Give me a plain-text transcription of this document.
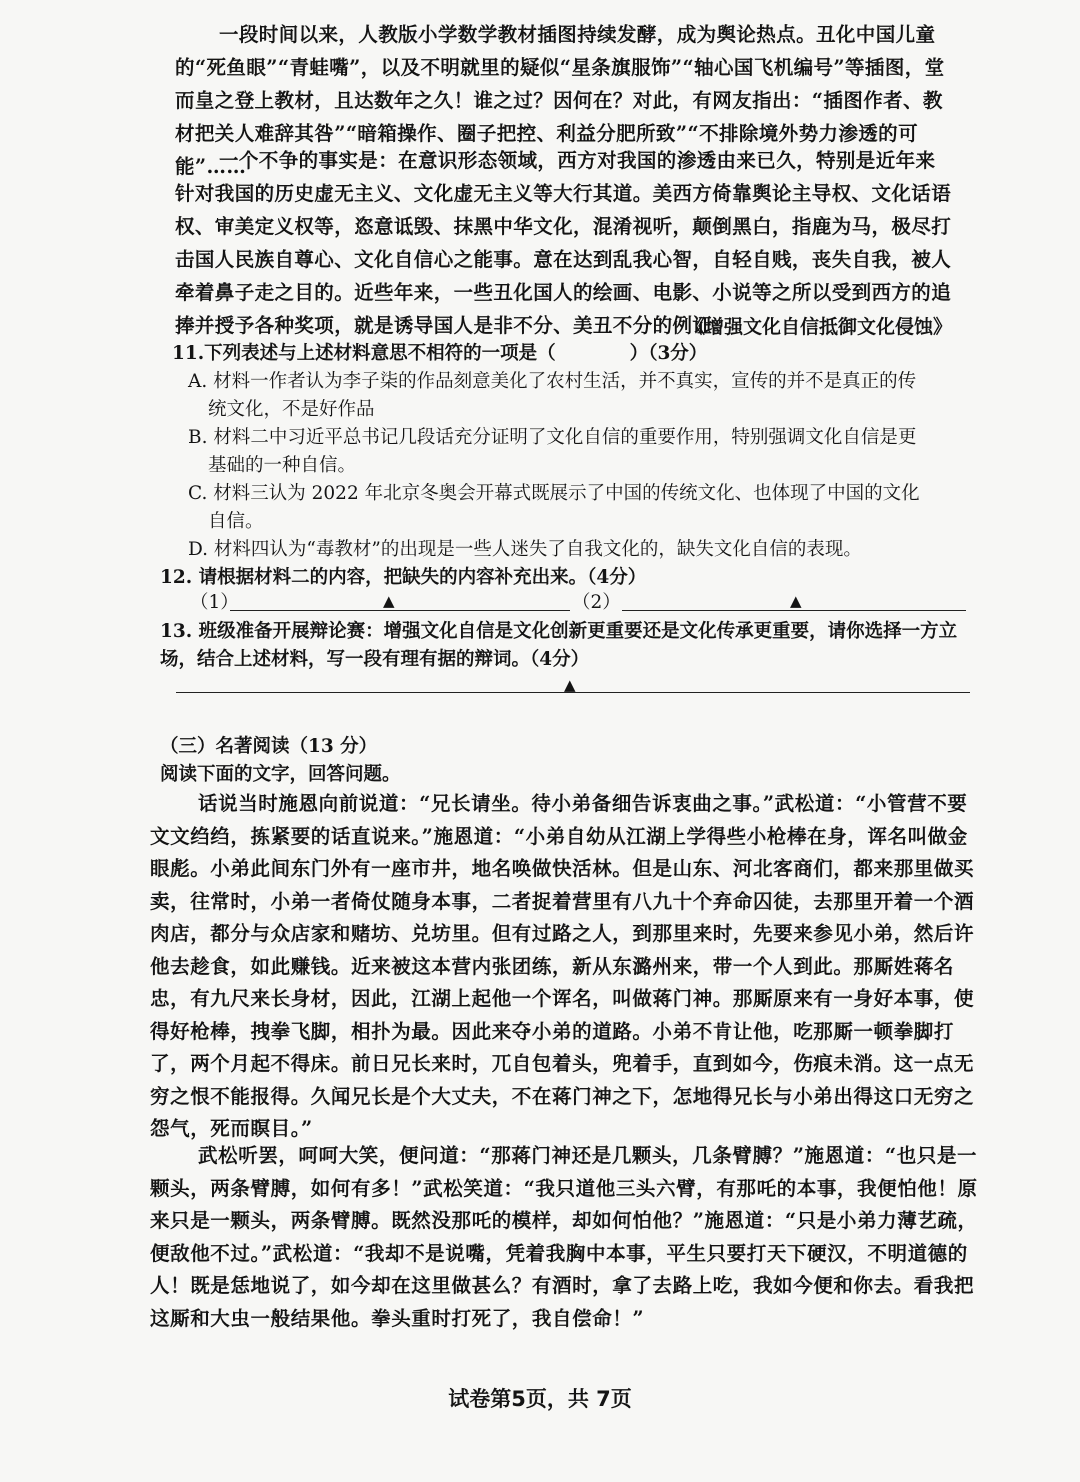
一段时间以来，人教版小学数学教材插图持续发酵，成为舆论热点。丑化中国儿童的“死鱼眼”“青蛙嘴”，以及不明就里的疑似“星条旗服饰”“轴心国飞机编号”等插图，堂而皇之登上教材，且达数年之久！谁之过？因何在？对此，有网友指出：“插图作者、教材把关人难辞其咎”“暗箱操作、圈子把控、利益分肥所致”“不排除境外势力渗透的可能”……

一个不争的事实是：在意识形态领域，西方对我国的渗透由来已久，特别是近年来针对我国的历史虚无主义、文化虚无主义等大行其道。美西方倚靠舆论主导权、文化话语权、审美定义权等，恣意诋毁、抹黑中华文化，混淆视听，颠倒黑白，指鹿为马，极尽打击国人民族自尊心、文化自信心之能事。意在达到乱我心智，自轻自贱，丧失自我，被人牵着鼻子走之目的。近些年来，一些丑化国人的绘画、电影、小说等之所以受到西方的追捧并授予各种奖项，就是诱导国人是非不分、美丑不分的例证。

《增强文化自信抵御文化侵蚀》
11.下列表述与上述材料意思不相符的一项是（　　　　）（3分）
A. 材料一作者认为李子柒的作品刻意美化了农村生活，并不真实，宣传的并不是真正的传
统文化，不是好作品
B. 材料二中习近平总书记几段话充分证明了文化自信的重要作用，特别强调文化自信是更
基础的一种自信。
C. 材料三认为 2022 年北京冬奥会开幕式既展示了中国的传统文化、也体现了中国的文化
自信。
D. 材料四认为“毒教材”的出现是一些人迷失了自我文化的，缺失文化自信的表现。
12. 请根据材料二的内容，把缺失的内容补充出来。（4分）
（1）	▲	（2）	▲
13. 班级准备开展辩论赛：增强文化自信是文化创新更重要还是文化传承更重要，请你选择一方立场，结合上述材料，写一段有理有据的辩词。（4分）
▲
（三）名著阅读（13 分）
阅读下面的文字，回答问题。

话说当时施恩向前说道：“兄长请坐。待小弟备细告诉衷曲之事。”武松道：“小管营不要文文绉绉，拣紧要的话直说来。”施恩道：“小弟自幼从江湖上学得些小枪棒在身，诨名叫做金眼彪。小弟此间东门外有一座市井，地名唤做快活林。但是山东、河北客商们，都来那里做买卖，往常时，小弟一者倚仗随身本事，二者捉着营里有八九十个弃命囚徒，去那里开着一个酒肉店，都分与众店家和赌坊、兑坊里。但有过路之人，到那里来时，先要来参见小弟，然后许他去趁食，如此赚钱。近来被这本营内张团练，新从东潞州来，带一个人到此。那厮姓蒋名忠，有九尺来长身材，因此，江湖上起他一个诨名，叫做蒋门神。那厮原来有一身好本事，使得好枪棒，拽拳飞脚，相扑为最。因此来夺小弟的道路。小弟不肯让他，吃那厮一顿拳脚打了，两个月起不得床。前日兄长来时，兀自包着头，兜着手，直到如今，伤痕未消。这一点无穷之恨不能报得。久闻兄长是个大丈夫，不在蒋门神之下，怎地得兄长与小弟出得这口无穷之怨气，死而瞑目。”

武松听罢，呵呵大笑，便问道：“那蒋门神还是几颗头，几条臂膊？”施恩道：“也只是一颗头，两条臂膊，如何有多！”武松笑道：“我只道他三头六臂，有那吒的本事，我便怕他！原来只是一颗头，两条臂膊。既然没那吒的模样，却如何怕他？”施恩道：“只是小弟力薄艺疏，便敌他不过。”武松道：“我却不是说嘴，凭着我胸中本事，平生只要打天下硬汉，不明道德的人！既是恁地说了，如今却在这里做甚么？有酒时，拿了去路上吃，我如今便和你去。看我把这厮和大虫一般结果他。拳头重时打死了，我自偿命！”

试卷第5页，共 7页
